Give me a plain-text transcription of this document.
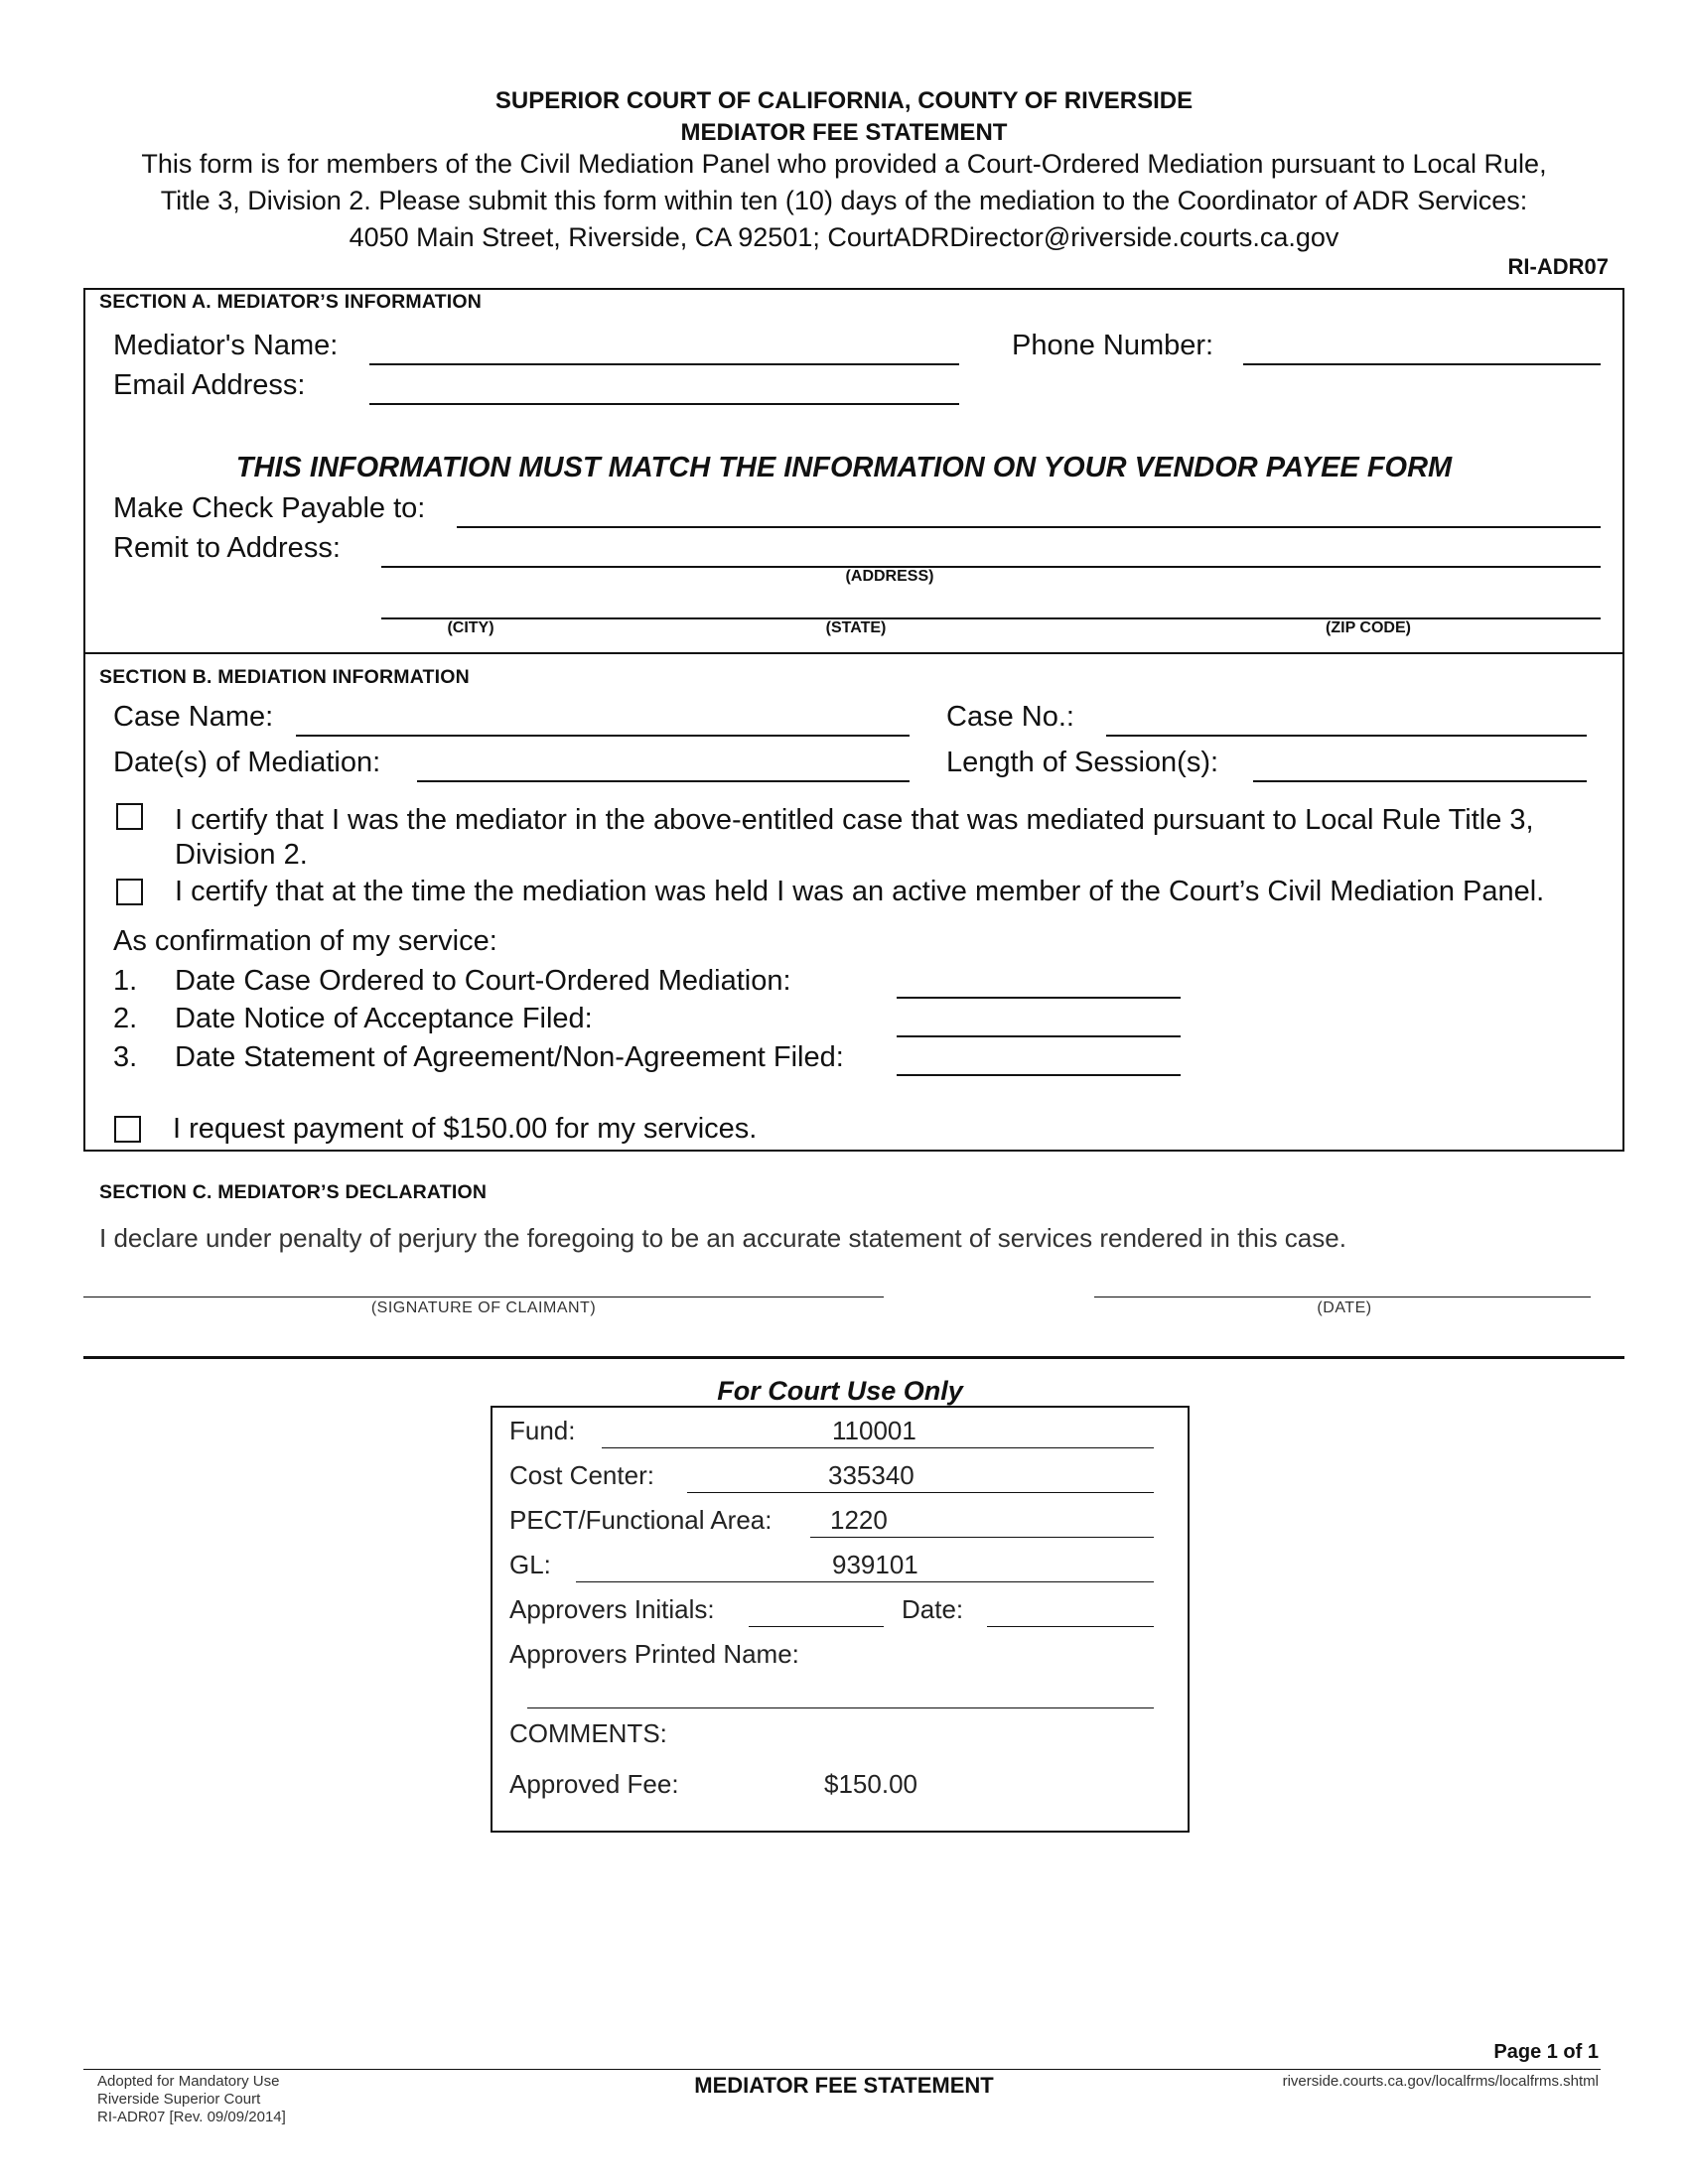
SUPERIOR COURT OF CALIFORNIA, COUNTY OF RIVERSIDE
MEDIATOR FEE STATEMENT
This form is for members of the Civil Mediation Panel who provided a Court-Ordered Mediation pursuant to Local Rule,
Title 3, Division 2. Please submit this form within ten (10) days of the mediation to the Coordinator of ADR Services:
4050 Main Street, Riverside, CA 92501; CourtADRDirector@riverside.courts.ca.gov
RI-ADR07
SECTION A. MEDIATOR’S INFORMATION
Mediator's Name:	Phone Number:
Email Address:
THIS INFORMATION MUST MATCH THE INFORMATION ON YOUR VENDOR PAYEE FORM
Make Check Payable to:
Remit to Address:
(ADDRESS)
(CITY)	(STATE)	(ZIP CODE)
SECTION B. MEDIATION INFORMATION
Case Name:	Case No.:
Date(s) of Mediation:	Length of Session(s):
I certify that I was the mediator in the above-entitled case that was mediated pursuant to Local Rule Title 3,
Division 2.
I certify that at the time the mediation was held I was an active member of the Court’s Civil Mediation Panel.
As confirmation of my service:
1. Date Case Ordered to Court-Ordered Mediation:
2. Date Notice of Acceptance Filed:
3. Date Statement of Agreement/Non-Agreement Filed:
I request payment of $150.00 for my services.
SECTION C. MEDIATOR’S DECLARATION
I declare under penalty of perjury the foregoing to be an accurate statement of services rendered in this case.
(SIGNATURE OF CLAIMANT)	(DATE)
For Court Use Only
Fund:	110001
Cost Center:	335340
PECT/Functional Area: 1220
GL:	939101
Approvers Initials:	Date:
Approvers Printed Name:
COMMENTS:
Approved Fee:	$150.00
Page 1 of 1
Adopted for Mandatory Use
Riverside Superior Court
RI-ADR07 [Rev. 09/09/2014]
MEDIATOR FEE STATEMENT	riverside.courts.ca.gov/localfrms/localfrms.shtml
